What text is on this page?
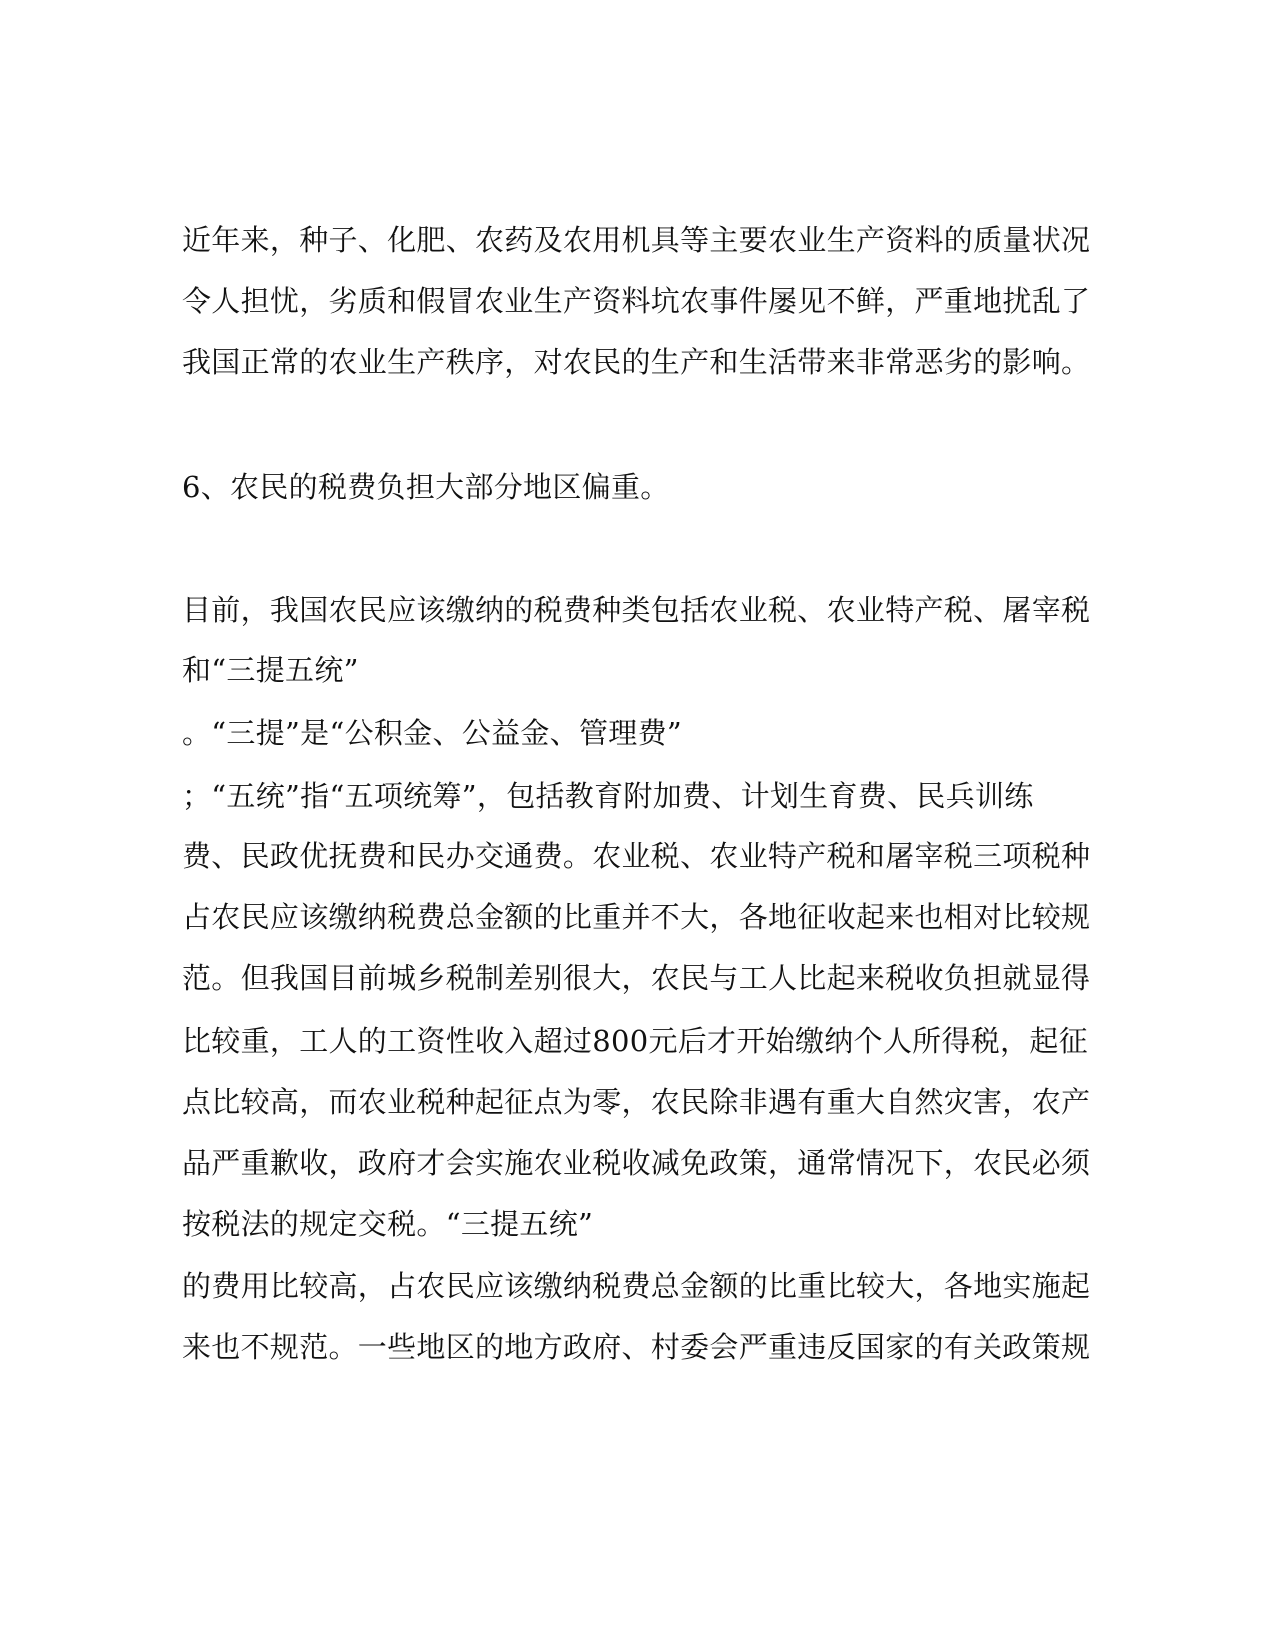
近年来，种子、化肥、农药及农用机具等主要农业生产资料的质量状况
令人担忧，劣质和假冒农业生产资料坑农事件屡见不鲜，严重地扰乱了
我国正常的农业生产秩序，对农民的生产和生活带来非常恶劣的影响。
6、农民的税费负担大部分地区偏重。
目前，我国农民应该缴纳的税费种类包括农业税、农业特产税、屠宰税
和“三提五统”
。“三提”是“公积金、公益金、管理费”
；“五统”指“五项统筹”，包括教育附加费、计划生育费、民兵训练
费、民政优抚费和民办交通费。农业税、农业特产税和屠宰税三项税种
占农民应该缴纳税费总金额的比重并不大，各地征收起来也相对比较规
范。但我国目前城乡税制差别很大，农民与工人比起来税收负担就显得
比较重，工人的工资性收入超过800元后才开始缴纳个人所得税，起征
点比较高，而农业税种起征点为零，农民除非遇有重大自然灾害，农产
品严重歉收，政府才会实施农业税收减免政策，通常情况下，农民必须
按税法的规定交税。“三提五统”
的费用比较高，占农民应该缴纳税费总金额的比重比较大，各地实施起
来也不规范。一些地区的地方政府、村委会严重违反国家的有关政策规
